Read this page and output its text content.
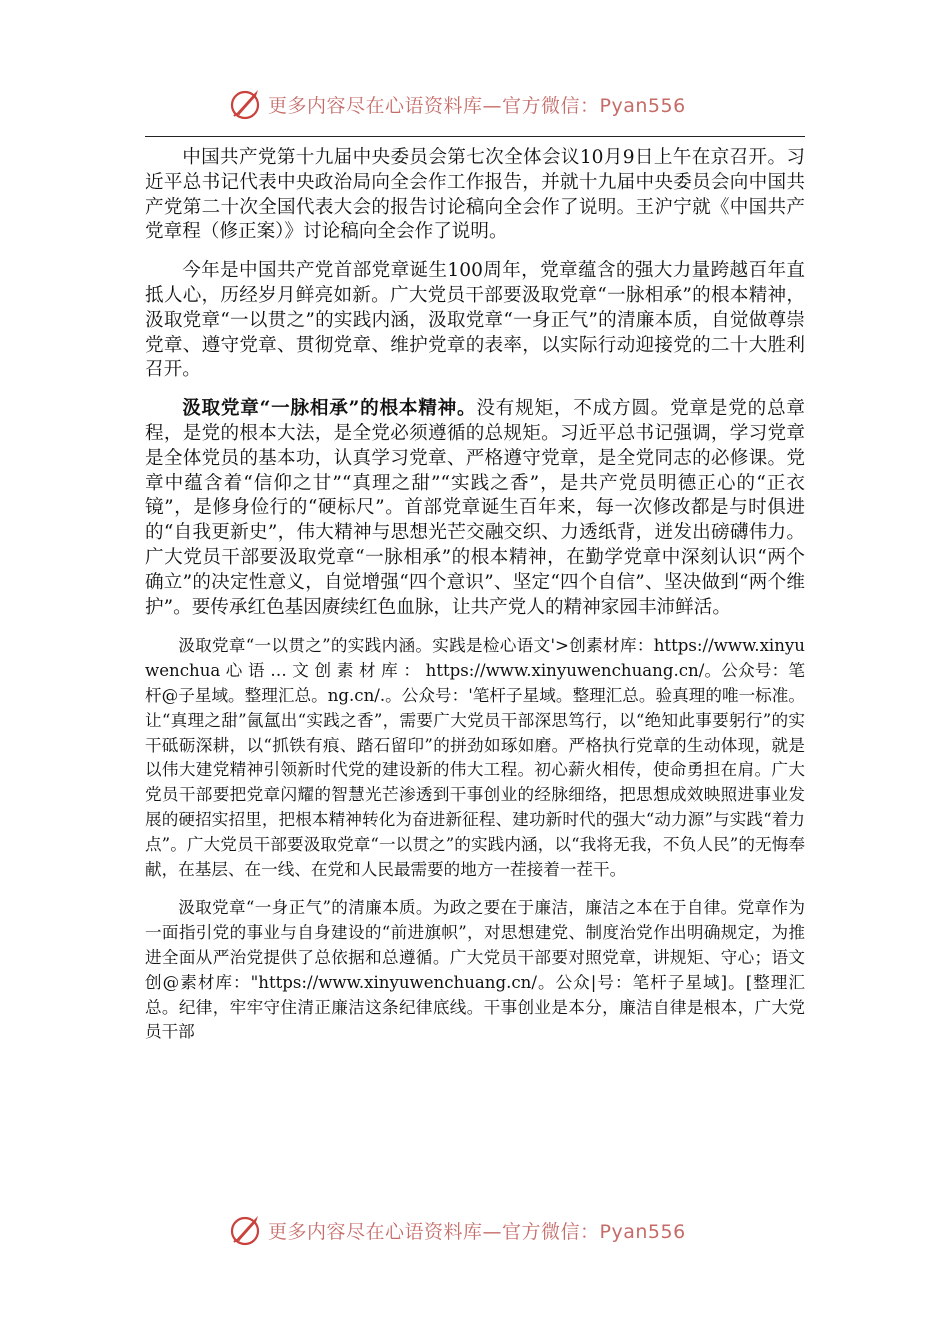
更多内容尽在心语资料库—官方微信：Pyan556

中国共产党第十九届中央委员会第七次全体会议10月9日上午在京召开。习近平总书记代表中央政治局向全会作工作报告，并就十九届中央委员会向中国共产党第二十次全国代表大会的报告讨论稿向全会作了说明。王沪宁就《中国共产党章程（修正案）》讨论稿向全会作了说明。

今年是中国共产党首部党章诞生100周年，党章蕴含的强大力量跨越百年直抵人心，历经岁月鲜亮如新。广大党员干部要汲取党章“一脉相承”的根本精神，汲取党章“一以贯之”的实践内涵，汲取党章“一身正气”的清廉本质，自觉做尊崇党章、遵守党章、贯彻党章、维护党章的表率，以实际行动迎接党的二十大胜利召开。

汲取党章“一脉相承”的根本精神。没有规矩，不成方圆。党章是党的总章程，是党的根本大法，是全党必须遵循的总规矩。习近平总书记强调，学习党章是全体党员的基本功，认真学习党章、严格遵守党章，是全党同志的必修课。党章中蕴含着“信仰之甘”“真理之甜”“实践之香”，是共产党员明德正心的“正衣镜”，是修身俭行的“硬标尺”。首部党章诞生百年来，每一次修改都是与时俱进的“自我更新史”，伟大精神与思想光芒交融交织、力透纸背，迸发出磅礴伟力。广大党员干部要汲取党章“一脉相承”的根本精神，在勤学党章中深刻认识“两个确立”的决定性意义，自觉增强“四个意识”、坚定“四个自信”、坚决做到“两个维护”。要传承红色基因赓续红色血脉，让共产党人的精神家园丰沛鲜活。

汲取党章“一以贯之”的实践内涵。实践是检心语文'>创素材库：https://www.xinyuwenchua 心 语 … 文 创 素 材 库 ： https://www.xinyuwenchuang.cn/。公众号：笔杆@子星域。整理汇总。ng.cn/.。公众号：'笔杆子星域。整理汇总。验真理的唯一标准。让“真理之甜”氤氲出“实践之香”，需要广大党员干部深思笃行，以“绝知此事要躬行”的实干砥砺深耕，以“抓铁有痕、踏石留印”的拼劲如琢如磨。严格执行党章的生动体现，就是以伟大建党精神引领新时代党的建设新的伟大工程。初心薪火相传，使命勇担在肩。广大党员干部要把党章闪耀的智慧光芒渗透到干事创业的经脉细络，把思想成效映照进事业发展的硬招实招里，把根本精神转化为奋进新征程、建功新时代的强大“动力源”与实践“着力点”。广大党员干部要汲取党章“一以贯之”的实践内涵，以“我将无我，不负人民”的无悔奉献，在基层、在一线、在党和人民最需要的地方一茬接着一茬干。

汲取党章“一身正气”的清廉本质。为政之要在于廉洁，廉洁之本在于自律。党章作为一面指引党的事业与自身建设的“前进旗帜”，对思想建党、制度治党作出明确规定，为推进全面从严治党提供了总依据和总遵循。广大党员干部要对照党章，讲规矩、守心；语文创@素材库："https://www.xinyuwenchuang.cn/。公众|号：笔杆子星域]。[整理汇总。纪律，牢牢守住清正廉洁这条纪律底线。干事创业是本分，廉洁自律是根本，广大党员干部

更多内容尽在心语资料库—官方微信：Pyan556
